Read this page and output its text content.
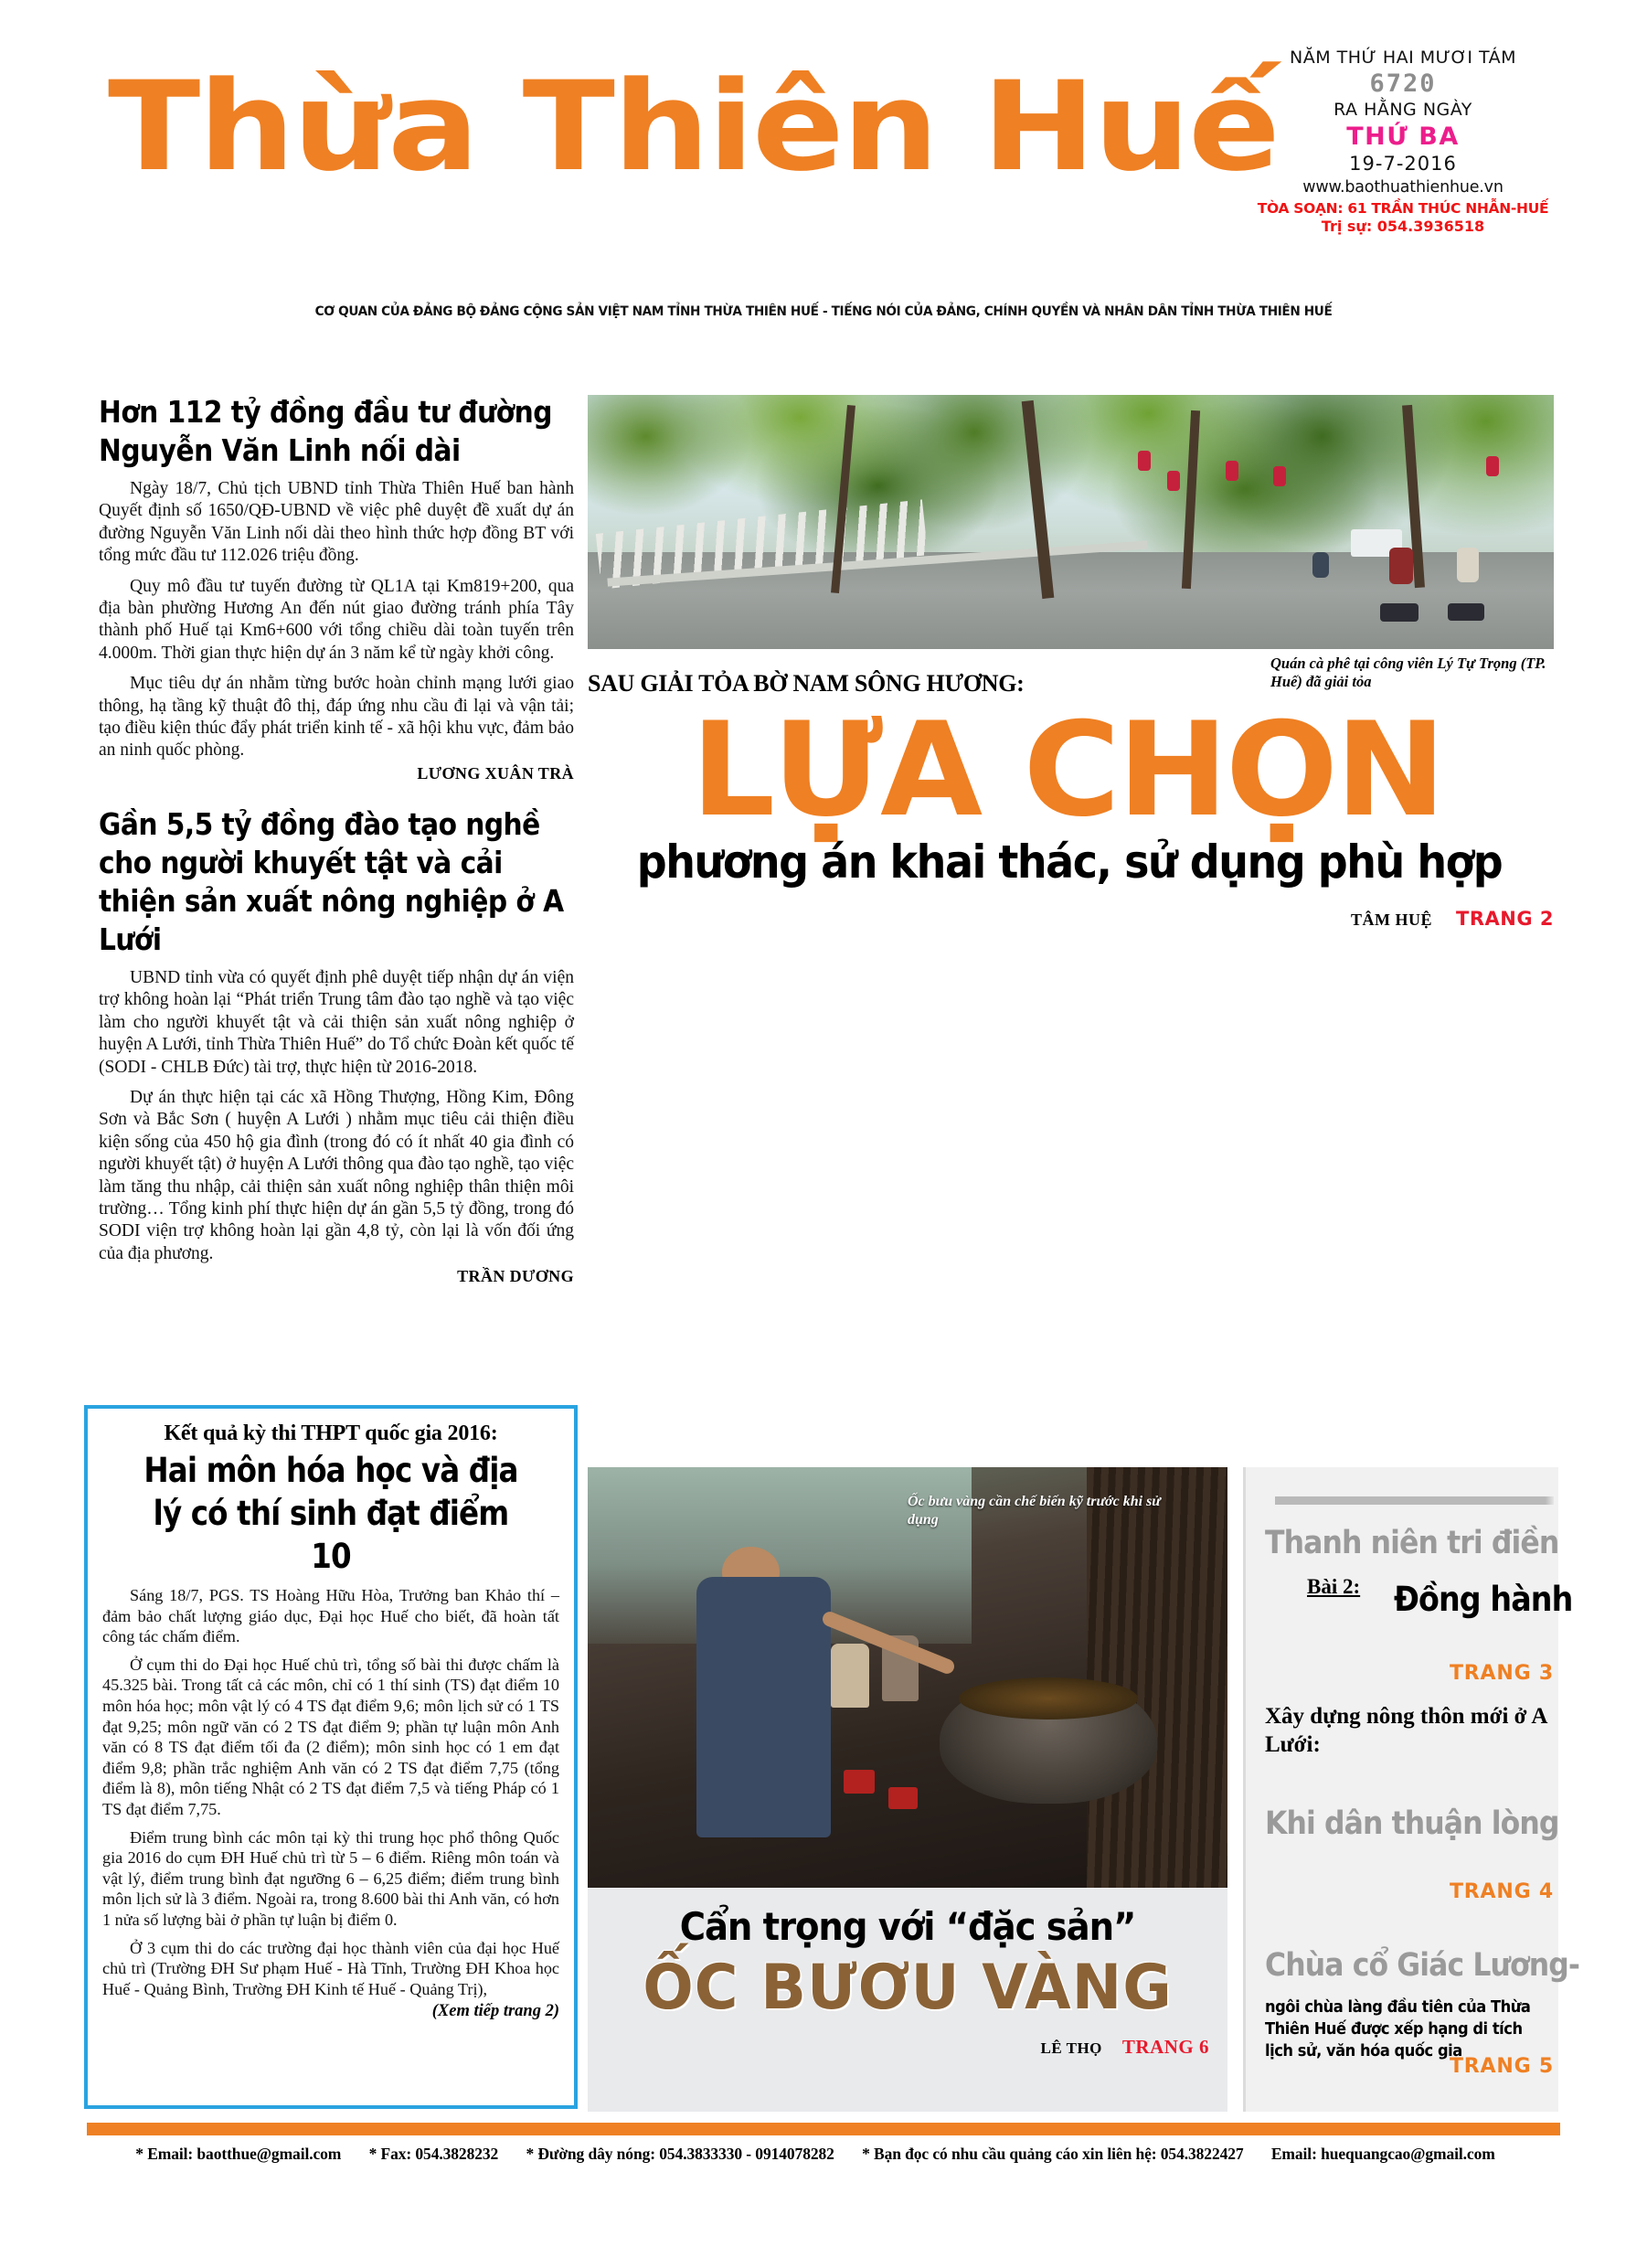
Thừa Thiên Huế NĂM THỨ HAI MƯƠI TÁM
6720
RA HẰNG NGÀY
THỨ BA
19-7-2016
www.baothuathienhue.vn
TÒA SOẠN: 61 TRẦN THÚC NHẪN-HUẾ
Trị sự: 054.3936518
CƠ QUAN CỦA ĐẢNG BỘ ĐẢNG CỘNG SẢN VIỆT NAM TỈNH THỪA THIÊN HUẾ - TIẾNG NÓI CỦA ĐẢNG, CHÍNH QUYỀN VÀ NHÂN DÂN TỈNH THỪA THIÊN HUẾ
Hơn 112 tỷ đồng đầu tư đường Nguyễn Văn Linh nối dài
Ngày 18/7, Chủ tịch UBND tỉnh Thừa Thiên Huế ban hành Quyết định số 1650/QĐ-UBND về việc phê duyệt đề xuất dự án đường Nguyễn Văn Linh nối dài theo hình thức hợp đồng BT với tổng mức đầu tư 112.026 triệu đồng.
Quy mô đầu tư tuyến đường từ QL1A tại Km819+200, qua địa bàn phường Hương An đến nút giao đường tránh phía Tây thành phố Huế tại Km6+600 với tổng chiều dài toàn tuyến trên 4.000m. Thời gian thực hiện dự án 3 năm kể từ ngày khởi công.
Mục tiêu dự án nhằm từng bước hoàn chỉnh mạng lưới giao thông, hạ tầng kỹ thuật đô thị, đáp ứng nhu cầu đi lại và vận tải; tạo điều kiện thúc đẩy phát triển kinh tế - xã hội khu vực, đảm bảo an ninh quốc phòng.
LƯƠNG XUÂN TRÀ
Gần 5,5 tỷ đồng đào tạo nghề cho người khuyết tật và cải thiện sản xuất nông nghiệp ở A Lưới
UBND tỉnh vừa có quyết định phê duyệt tiếp nhận dự án viện trợ không hoàn lại “Phát triển Trung tâm đào tạo nghề và tạo việc làm cho người khuyết tật và cải thiện sản xuất nông nghiệp ở huyện A Lưới, tỉnh Thừa Thiên Huế” do Tổ chức Đoàn kết quốc tế (SODI - CHLB Đức) tài trợ, thực hiện từ 2016-2018.
Dự án thực hiện tại các xã Hồng Thượng, Hồng Kim, Đông Sơn và Bắc Sơn ( huyện A Lưới ) nhằm mục tiêu cải thiện điều kiện sống của 450 hộ gia đình (trong đó có ít nhất 40 gia đình có người khuyết tật) ở huyện A Lưới thông qua đào tạo nghề, tạo việc làm tăng thu nhập, cải thiện sản xuất nông nghiệp thân thiện môi trường… Tổng kinh phí thực hiện dự án gần 5,5 tỷ đồng, trong đó SODI viện trợ không hoàn lại gần 4,8 tỷ, còn lại là vốn đối ứng của địa phương.
TRẦN DƯƠNG
Kết quả kỳ thi THPT quốc gia 2016:
Hai môn hóa học và địa lý có thí sinh đạt điểm 10
Sáng 18/7, PGS. TS Hoàng Hữu Hòa, Trưởng ban Khảo thí – đảm bảo chất lượng giáo dục, Đại học Huế cho biết, đã hoàn tất công tác chấm điểm.
Ở cụm thi do Đại học Huế chủ trì, tổng số bài thi được chấm là 45.325 bài. Trong tất cả các môn, chỉ có 1 thí sinh (TS) đạt điểm 10 môn hóa học; môn vật lý có 4 TS đạt điểm 9,6; môn lịch sử có 1 TS đạt 9,25; môn ngữ văn có 2 TS đạt điểm 9; phần tự luận môn Anh văn có 8 TS đạt điểm tối đa (2 điểm); môn sinh học có 1 em đạt điểm 9,8; phần trắc nghiệm Anh văn có 2 TS đạt điểm 7,75 (tổng điểm là 8), môn tiếng Nhật có 2 TS đạt điểm 7,5 và tiếng Pháp có 1 TS đạt điểm 7,75.
Điểm trung bình các môn tại kỳ thi trung học phổ thông Quốc gia 2016 do cụm ĐH Huế chủ trì từ 5 – 6 điểm. Riêng môn toán và vật lý, điểm trung bình đạt ngưỡng 6 – 6,25 điểm; điểm trung bình môn lịch sử là 3 điểm. Ngoài ra, trong 8.600 bài thi Anh văn, có hơn 1 nửa số lượng bài ở phần tự luận bị điểm 0.
Ở 3 cụm thi do các trường đại học thành viên của đại học Huế chủ trì (Trường ĐH Sư phạm Huế - Hà Tĩnh, Trường ĐH Khoa học Huế - Quảng Bình, Trường ĐH Kinh tế Huế - Quảng Trị),
(Xem tiếp trang 2)
Quán cà phê tại công viên Lý Tự Trọng (TP. Huế) đã giải tỏa
SAU GIẢI TỎA BỜ NAM SÔNG HƯƠNG:
LỰA CHỌN
phương án khai thác, sử dụng phù hợp
TÂM HUỆ TRANG 2
Ốc bưu vàng cần chế biến kỹ trước khi sử dụng
Cẩn trọng với “đặc sản”
ỐC BƯƠU VÀNG
LÊ THỌ TRANG 6
Thanh niên tri điền
Bài 2: Đồng hành
TRANG 3
Xây dựng nông thôn mới ở A Lưới:
Khi dân thuận lòng
TRANG 4
Chùa cổ Giác Lương-
ngôi chùa làng đầu tiên của Thừa Thiên Huế được xếp hạng di tích lịch sử, văn hóa quốc gia
TRANG 5
* Email: baotthue@gmail.com * Fax: 054.3828232 * Đường dây nóng: 054.3833330 - 0914078282 * Bạn đọc có nhu cầu quảng cáo xin liên hệ: 054.3822427 Email: huequangcao@gmail.com
